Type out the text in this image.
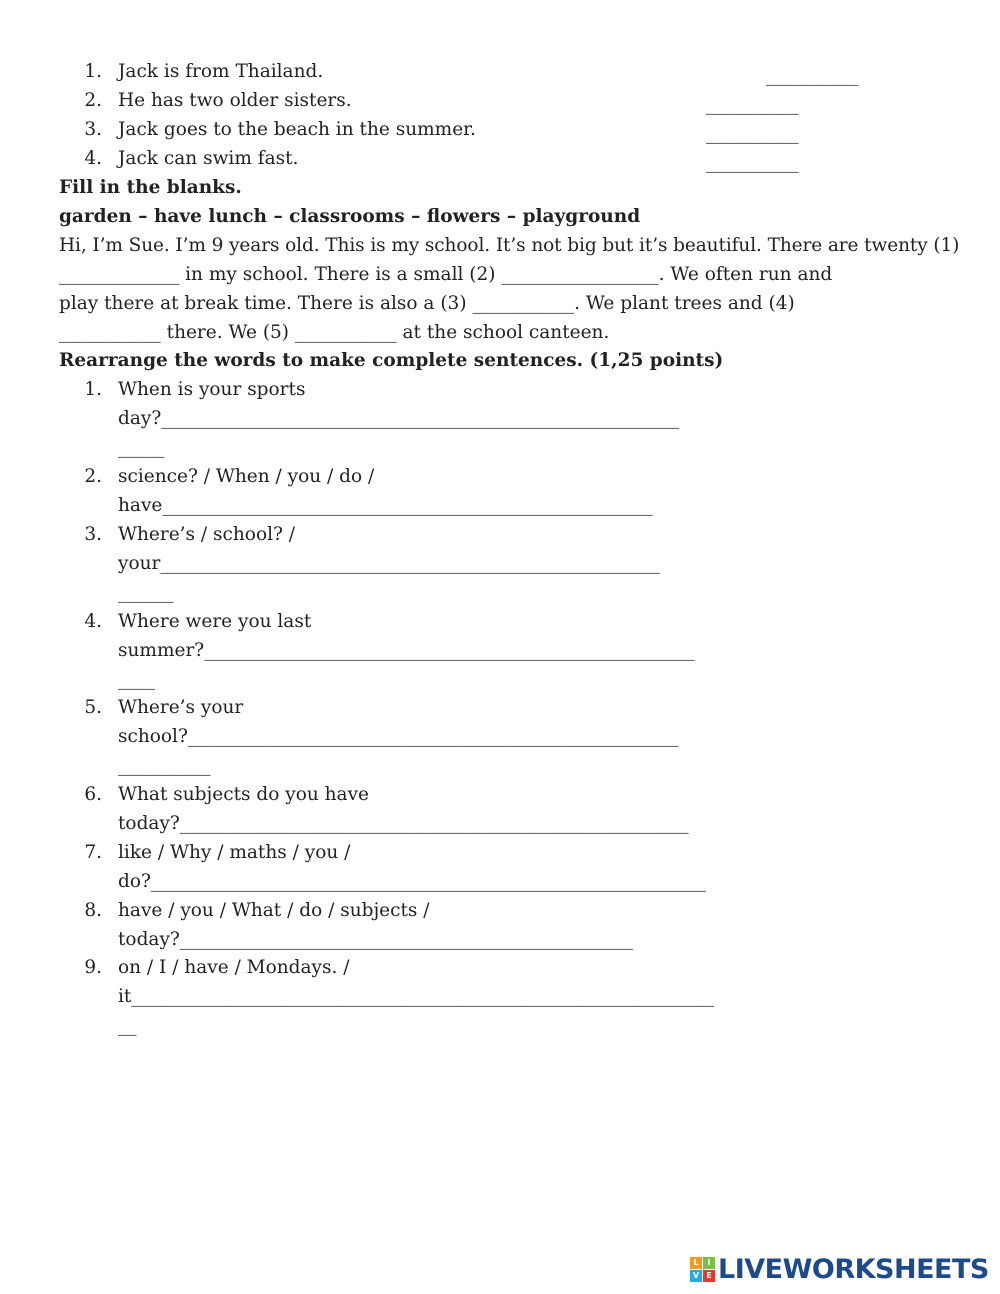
1. Jack is from Thailand.	__________
2. He has two older sisters.	__________
3. Jack goes to the beach in the summer.	__________
4. Jack can swim fast.	__________
Fill in the blanks.
garden – have lunch – classrooms – flowers – playground
Hi, I’m Sue. I’m 9 years old. This is my school. It’s not big but it’s beautiful. There are twenty (1)
_____________ in my school. There is a small (2) _________________. We often run and
play there at break time. There is also a (3) ___________. We plant trees and (4)
___________ there. We (5) ___________ at the school canteen.
Rearrange the words to make complete sentences. (1,25 points)
1. When is your sports
day?________________________________________________________
_____
2. science? / When / you / do /
have_____________________________________________________
3. Where’s / school? /
your______________________________________________________
______
4. Where were you last
summer?_____________________________________________________
____
5. Where’s your
school?_____________________________________________________
__________
6. What subjects do you have
today?_______________________________________________________
7. like / Why / maths / you /
do?____________________________________________________________
8. have / you / What / do / subjects /
today?_________________________________________________
9. on / I / have / Mondays. /
it_______________________________________________________________
__
L	I
V E LIVEWORKSHEETS
